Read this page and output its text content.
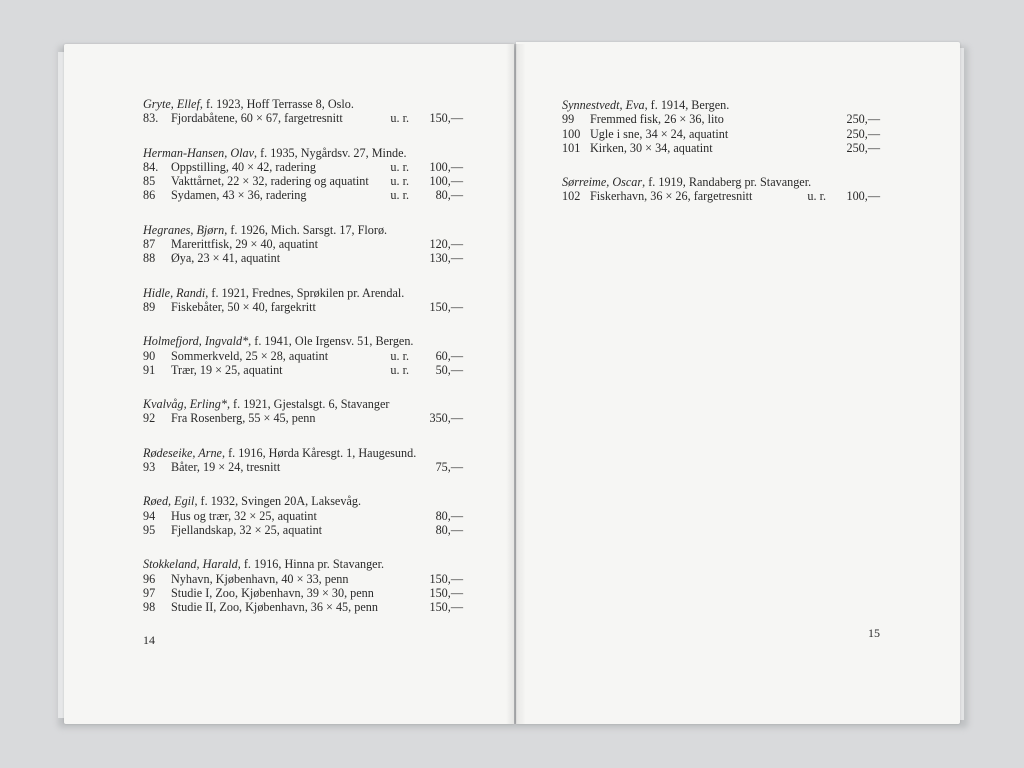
Gryte, Ellef, f. 1923, Hoff Terrasse 8, Oslo.
83. Fjordabåtene, 60 × 67, fargetresnitt	u. r. 150,—
Herman-Hansen, Olav, f. 1935, Nygårdsv. 27, Minde.
84. Oppstilling, 40 × 42, radering	u. r. 100,—
85 Vakttårnet, 22 × 32, radering og aquatint u. r. 100,—
86 Sydamen, 43 × 36, radering	u. r. 80,—
Hegranes, Bjørn, f. 1926, Mich. Sarsgt. 17, Florø.
87 Marerittfisk, 29 × 40, aquatint	120,—
88 Øya, 23 × 41, aquatint	130,—
Hidle, Randi, f. 1921, Frednes, Sprøkilen pr. Arendal.
89 Fiskebåter, 50 × 40, fargekritt	150,—
Holmefjord, Ingvald*, f. 1941, Ole Irgensv. 51, Bergen.
90 Sommerkveld, 25 × 28, aquatint	u. r. 60,—
91 Trær, 19 × 25, aquatint	u. r. 50,—
Kvalvåg, Erling*, f. 1921, Gjestalsgt. 6, Stavanger
92 Fra Rosenberg, 55 × 45, penn	350,—
Rødeseike, Arne, f. 1916, Hørda Kåresgt. 1, Haugesund.
93 Båter, 19 × 24, tresnitt	75,—
Røed, Egil, f. 1932, Svingen 20A, Laksevåg.
94 Hus og trær, 32 × 25, aquatint	80,—
95 Fjellandskap, 32 × 25, aquatint	80,—
Stokkeland, Harald, f. 1916, Hinna pr. Stavanger.
96 Nyhavn, Kjøbenhavn, 40 × 33, penn	150,—
97 Studie I, Zoo, Kjøbenhavn, 39 × 30, penn	150,—
98 Studie II, Zoo, Kjøbenhavn, 36 × 45, penn	150,—
Synnestvedt, Eva, f. 1914, Bergen.
99 Fremmed fisk, 26 × 36, lito	250,—
100 Ugle i sne, 34 × 24, aquatint	250,—
101 Kirken, 30 × 34, aquatint	250,—
Sørreime, Oscar, f. 1919, Randaberg pr. Stavanger.
102 Fiskerhavn, 36 × 26, fargetresnitt	u. r. 100,—
14	15
